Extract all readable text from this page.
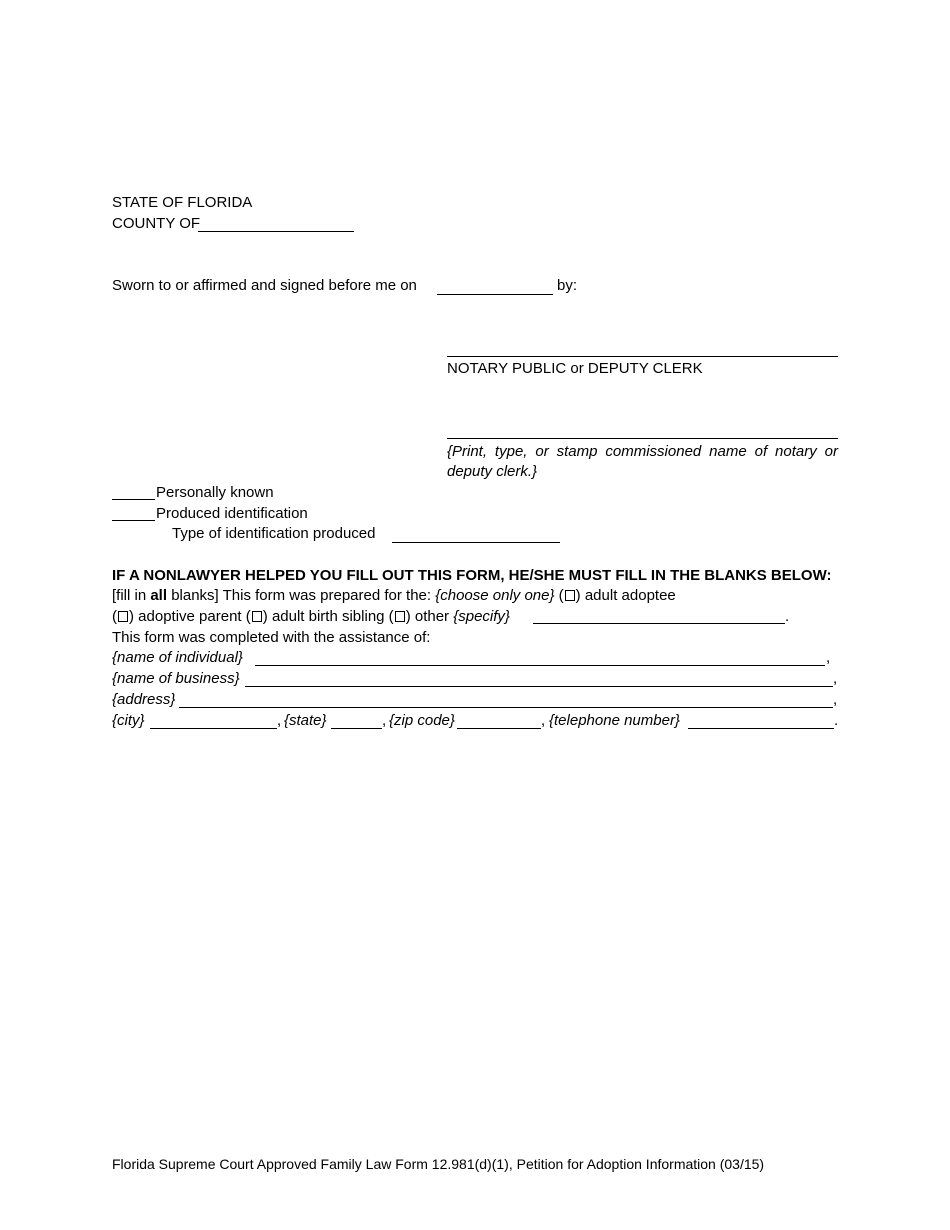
STATE OF FLORIDA
COUNTY OF
Sworn to or affirmed and signed before me on	by:
NOTARY PUBLIC or DEPUTY CLERK
{Print, type, or stamp commissioned name of notary or deputy clerk.}
Personally known
Produced identification
Type of identification produced
IF A NONLAWYER HELPED YOU FILL OUT THIS FORM, HE/SHE MUST FILL IN THE BLANKS BELOW:
[fill in all blanks] This form was prepared for the: {choose only one} ( ) adult adoptee
( ) adoptive parent ( ) adult birth sibling ( ) other {specify}	.
This form was completed with the assistance of:
{name of individual}	,
{name of business}	,
{address}	,
{city}	, {state}	, {zip code}	, {telephone number}	.
Florida Supreme Court Approved Family Law Form 12.981(d)(1), Petition for Adoption Information (03/15)
